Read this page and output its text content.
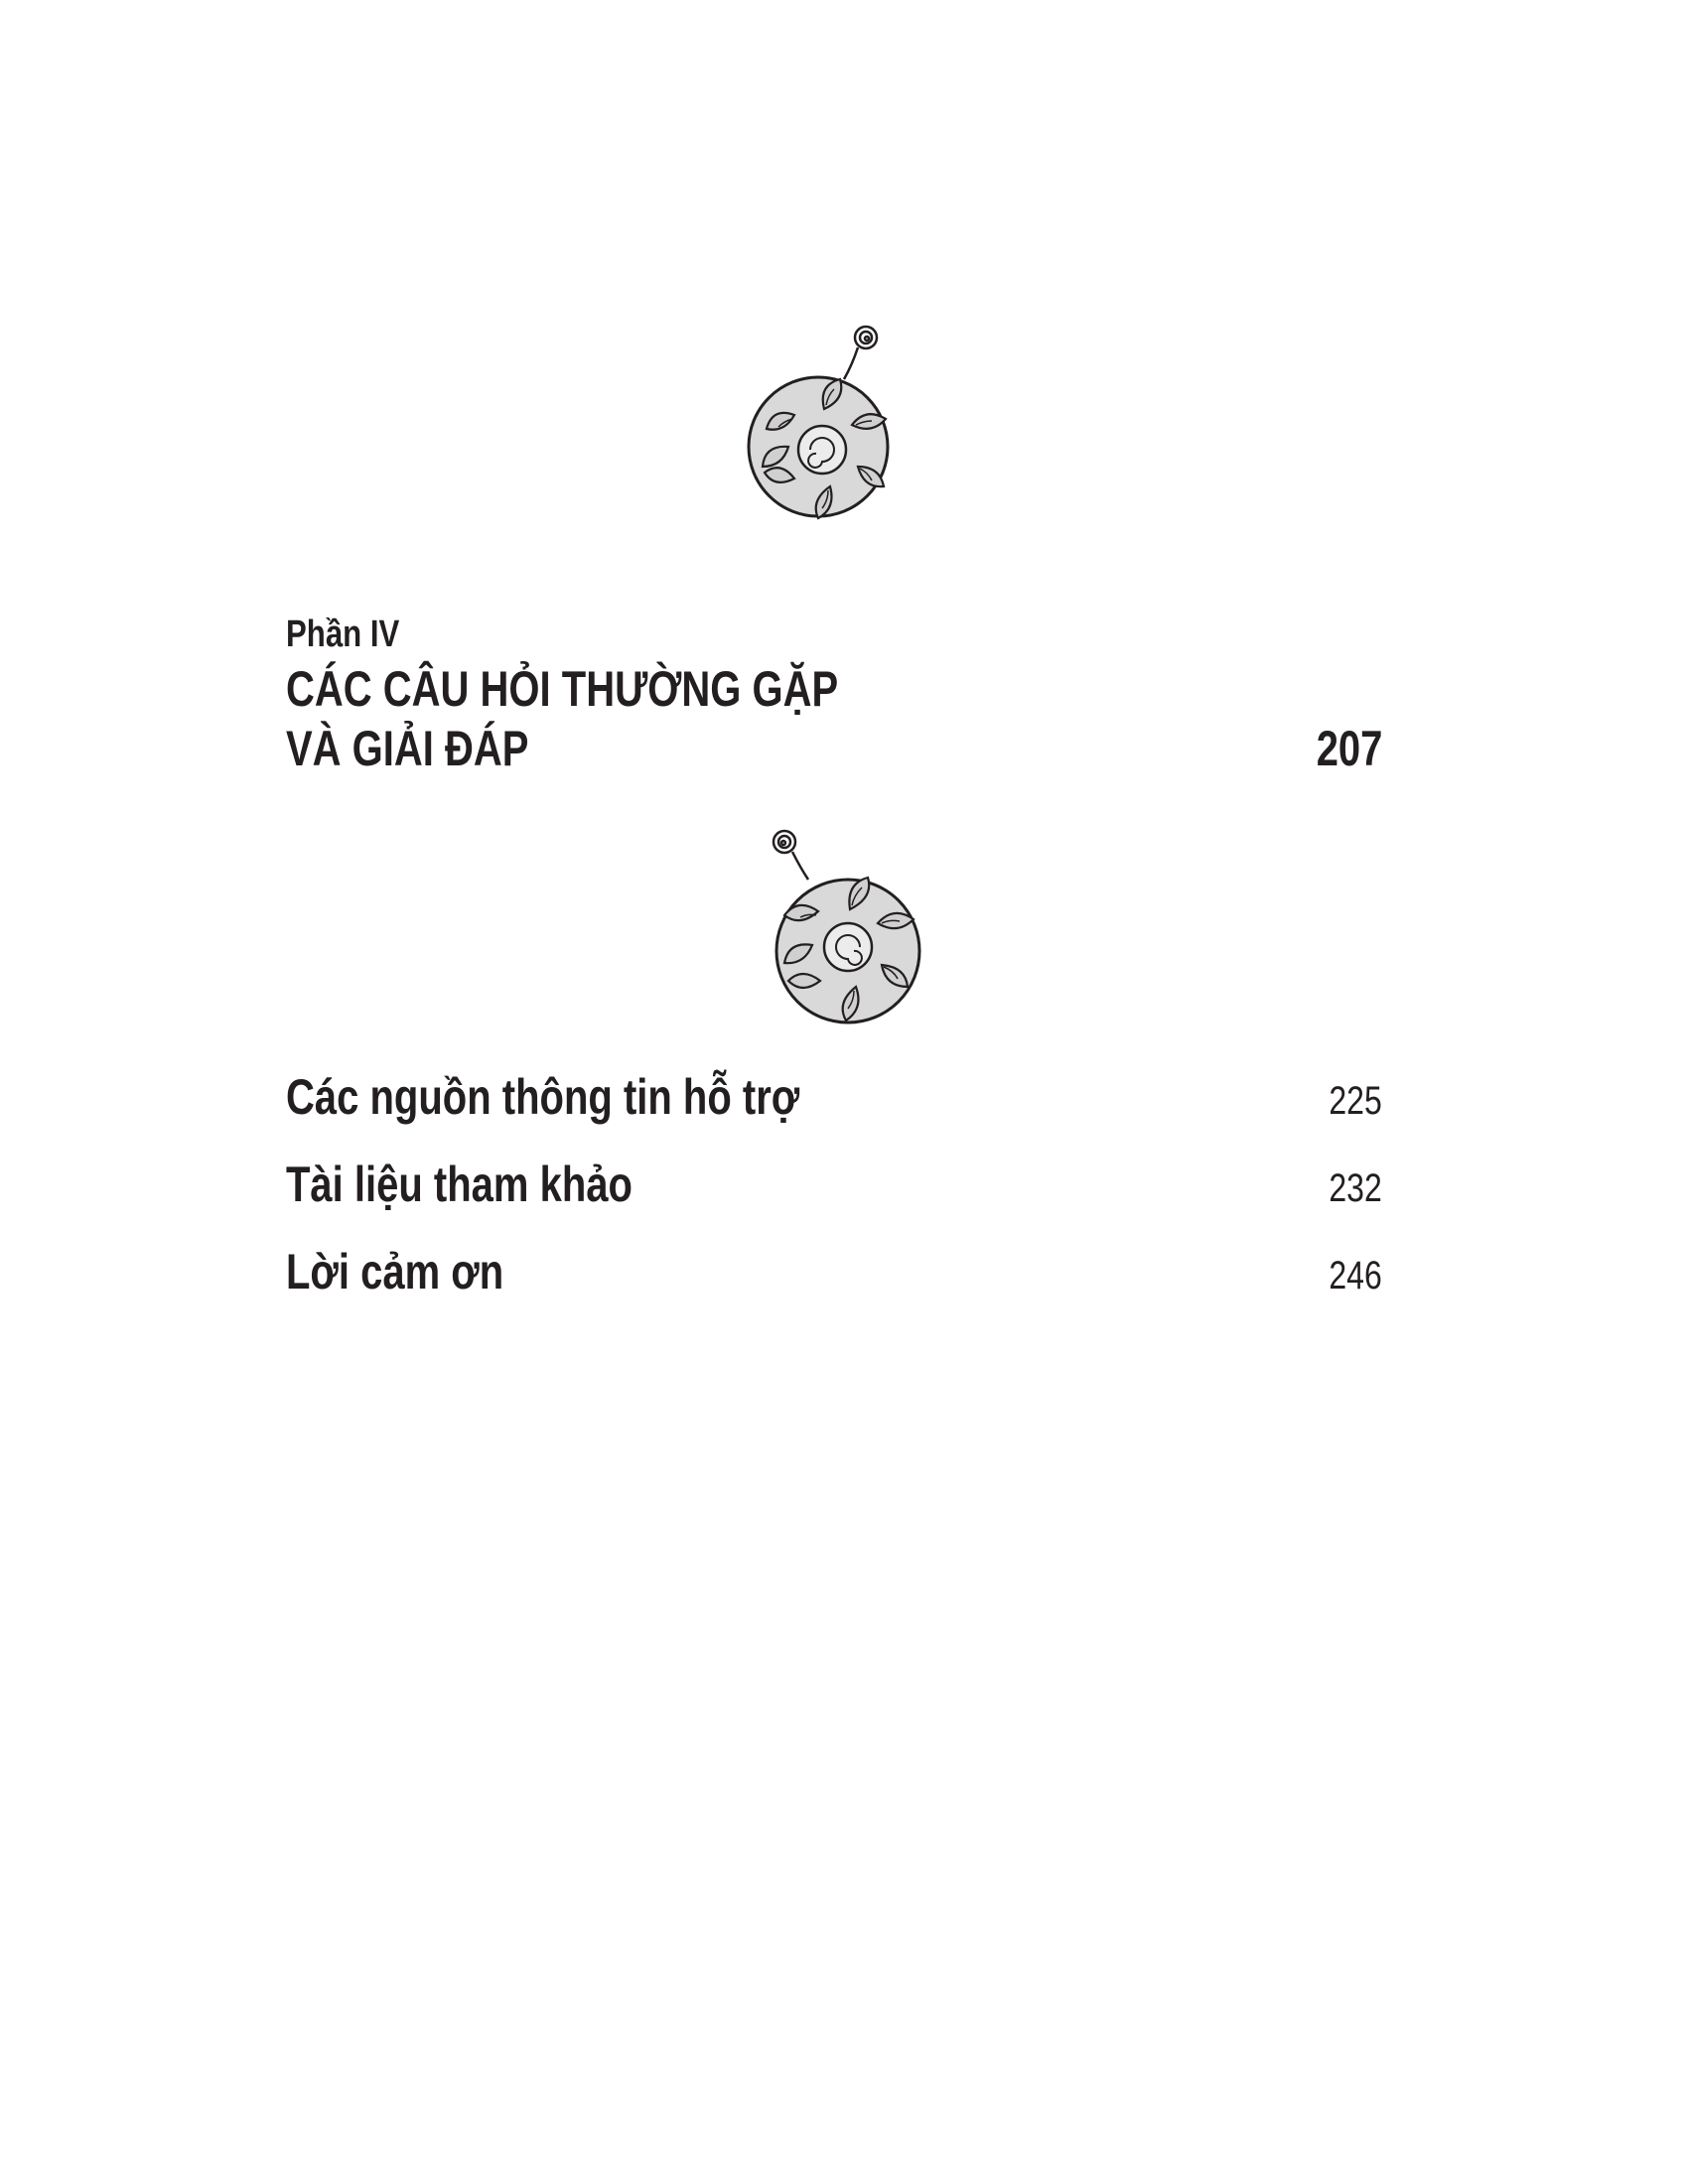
Phần IV
CÁC CÂU HỎI THƯỜNG GẶP
VÀ GIẢI ĐÁP	207
Các nguồn thông tin hỗ trợ	225
Tài liệu tham khảo	232
Lời cảm ơn	246
